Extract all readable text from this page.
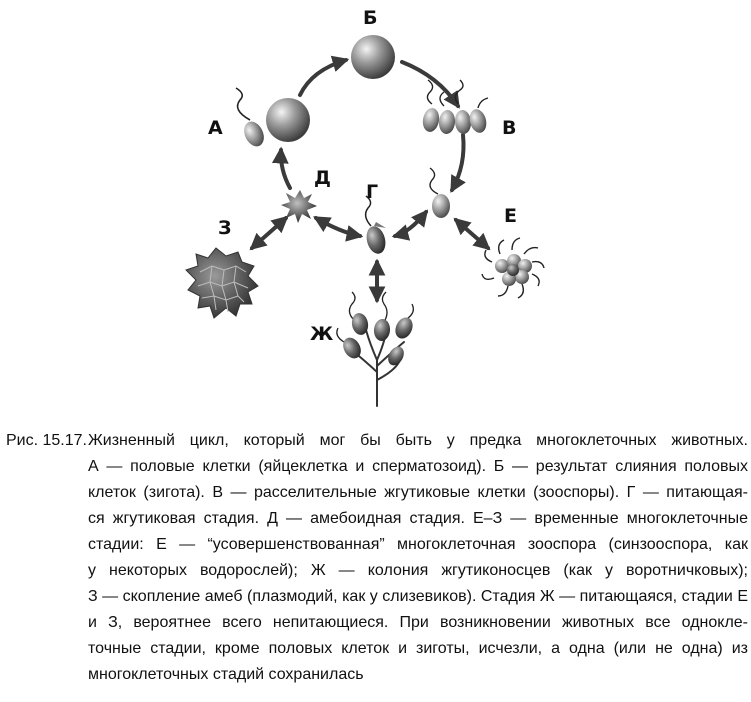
Б
А	В
Д
Г
Е
З
Ж
Рис. 15.17. Жизненный цикл, который мог бы быть у предка многоклеточных животных.
А — половые клетки (яйцеклетка и сперматозоид). Б — результат слияния половых
клеток (зигота). В — расселительные жгутиковые клетки (зооспоры). Г — питающая-
ся жгутиковая стадия. Д — амебоидная стадия. Е–З — временные многоклеточные
стадии: Е — “усовершенствованная” многоклеточная зооспора (синзооспора, как
у некоторых водорослей); Ж — колония жгутиконосцев (как у воротничковых);
З — скопление амеб (плазмодий, как у слизевиков). Стадия Ж — питающаяся, стадии Е
и З, вероятнее всего непитающиеся. При возникновении животных все однокле-
точные стадии, кроме половых клеток и зиготы, исчезли, а одна (или не одна) из
многоклеточных стадий сохранилась
